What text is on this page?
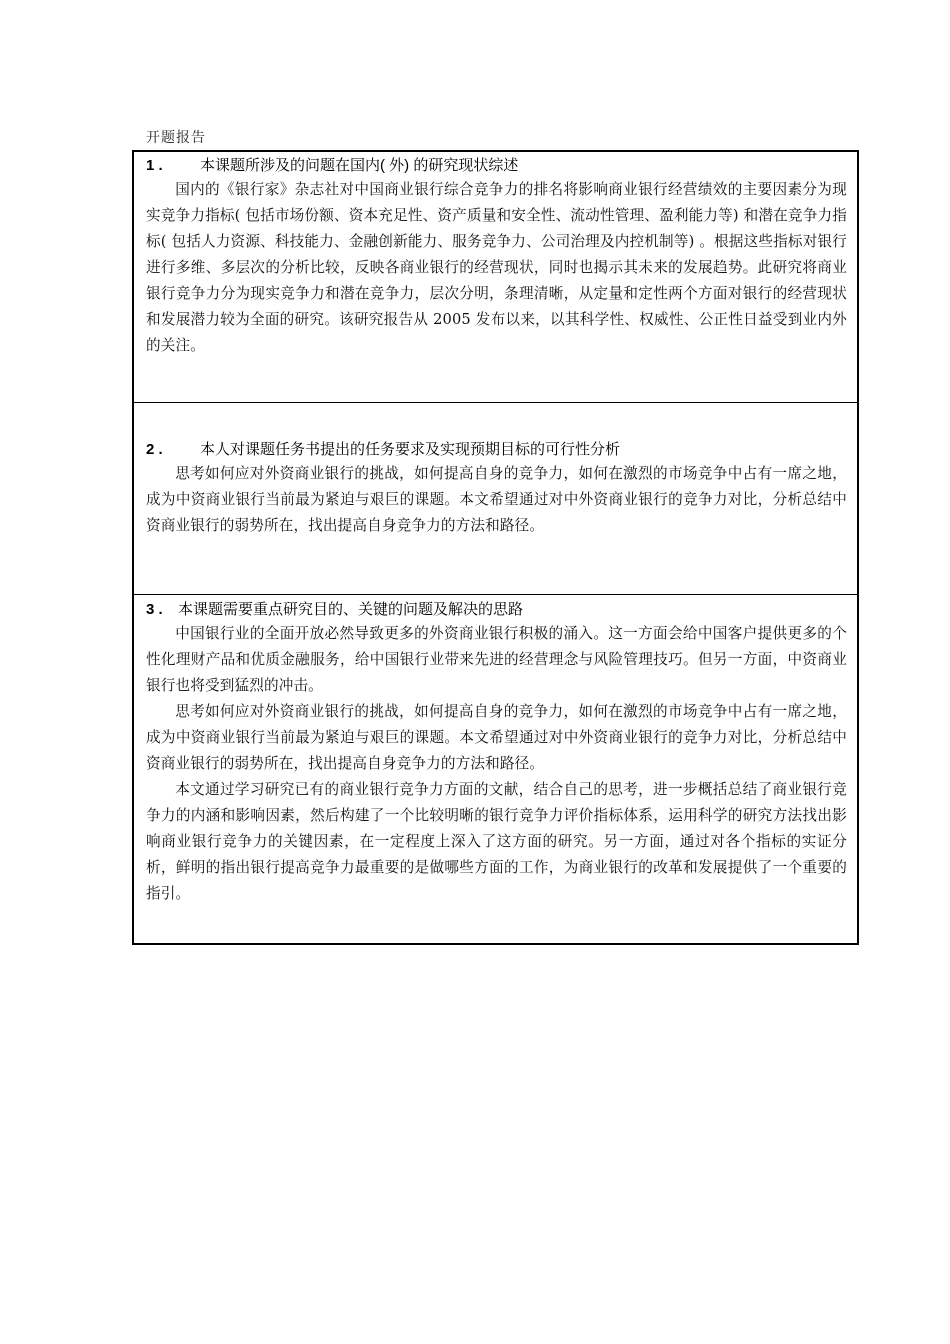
开题报告
1 . 本课题所涉及的问题在国内( 外) 的研究现状综述

国内的《银行家》杂志社对中国商业银行综合竞争力的排名将影响商业银行经营绩效的主要因素分为现实竞争力指标( 包括市场份额、资本充足性、资产质量和安全性、流动性管理、盈利能力等) 和潜在竞争力指标( 包括人力资源、科技能力、金融创新能力、服务竞争力、公司治理及内控机制等) 。根据这些指标对银行进行多维、多层次的分析比较，反映各商业银行的经营现状，同时也揭示其未来的发展趋势。此研究将商业银行竞争力分为现实竞争力和潜在竞争力，层次分明，条理清晰，从定量和定性两个方面对银行的经营现状和发展潜力较为全面的研究。该研究报告从 2005 发布以来，以其科学性、权威性、公正性日益受到业内外的关注。

2 . 本人对课题任务书提出的任务要求及实现预期目标的可行性分析

思考如何应对外资商业银行的挑战，如何提高自身的竞争力，如何在激烈的市场竞争中占有一席之地，成为中资商业银行当前最为紧迫与艰巨的课题。本文希望通过对中外资商业银行的竞争力对比，分析总结中资商业银行的弱势所在，找出提高自身竞争力的方法和路径。

3 . 本课题需要重点研究目的、关键的问题及解决的思路

中国银行业的全面开放必然导致更多的外资商业银行积极的涌入。这一方面会给中国客户提供更多的个性化理财产品和优质金融服务，给中国银行业带来先进的经营理念与风险管理技巧。但另一方面，中资商业银行也将受到猛烈的冲击。

思考如何应对外资商业银行的挑战，如何提高自身的竞争力，如何在激烈的市场竞争中占有一席之地，成为中资商业银行当前最为紧迫与艰巨的课题。本文希望通过对中外资商业银行的竞争力对比，分析总结中资商业银行的弱势所在，找出提高自身竞争力的方法和路径。

本文通过学习研究已有的商业银行竞争力方面的文献，结合自己的思考，进一步概括总结了商业银行竞争力的内涵和影响因素，然后构建了一个比较明晰的银行竞争力评价指标体系，运用科学的研究方法找出影响商业银行竞争力的关键因素，在一定程度上深入了这方面的研究。另一方面，通过对各个指标的实证分析，鲜明的指出银行提高竞争力最重要的是做哪些方面的工作，为商业银行的改革和发展提供了一个重要的指引。
